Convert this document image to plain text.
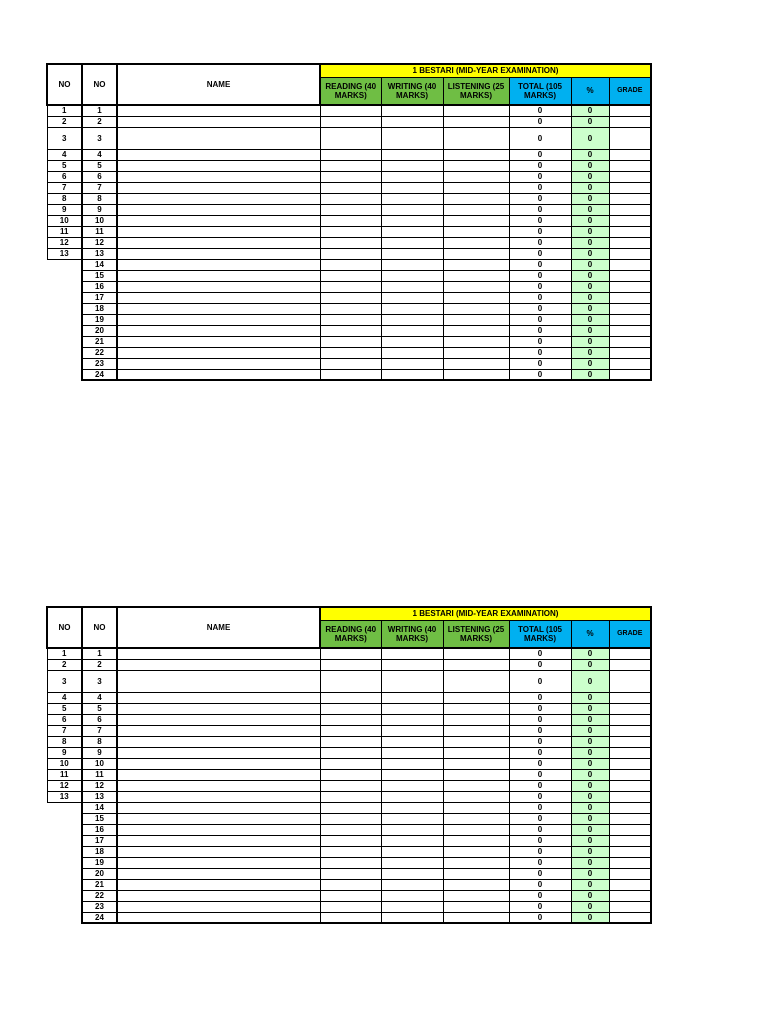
NO	NO	NAME	1 BESTARI (MID-YEAR EXAMINATION)					
			READING (40 MARKS)	WRITING (40 MARKS)	LISTENING (25 MARKS)	TOTAL (105 MARKS)	%	GRADE
1	1					0	0	
2	2					0	0	
3	3					0	0	
4	4					0	0	
5	5					0	0	
6	6					0	0	
7	7					0	0	
8	8					0	0	
9	9					0	0	
10	10					0	0	
11	11					0	0	
12	12					0	0	
13	13					0	0	
	14					0	0	
	15					0	0	
	16					0	0	
	17					0	0	
	18					0	0	
	19					0	0	
	20					0	0	
	21					0	0	
	22					0	0	
	23					0	0	
	24					0	0	
NO	NO	NAME	1 BESTARI (MID-YEAR EXAMINATION)					
			READING (40 MARKS)	WRITING (40 MARKS)	LISTENING (25 MARKS)	TOTAL (105 MARKS)	%	GRADE
1	1					0	0	
2	2					0	0	
3	3					0	0	
4	4					0	0	
5	5					0	0	
6	6					0	0	
7	7					0	0	
8	8					0	0	
9	9					0	0	
10	10					0	0	
11	11					0	0	
12	12					0	0	
13	13					0	0	
	14					0	0	
	15					0	0	
	16					0	0	
	17					0	0	
	18					0	0	
	19					0	0	
	20					0	0	
	21					0	0	
	22					0	0	
	23					0	0	
	24					0	0	
